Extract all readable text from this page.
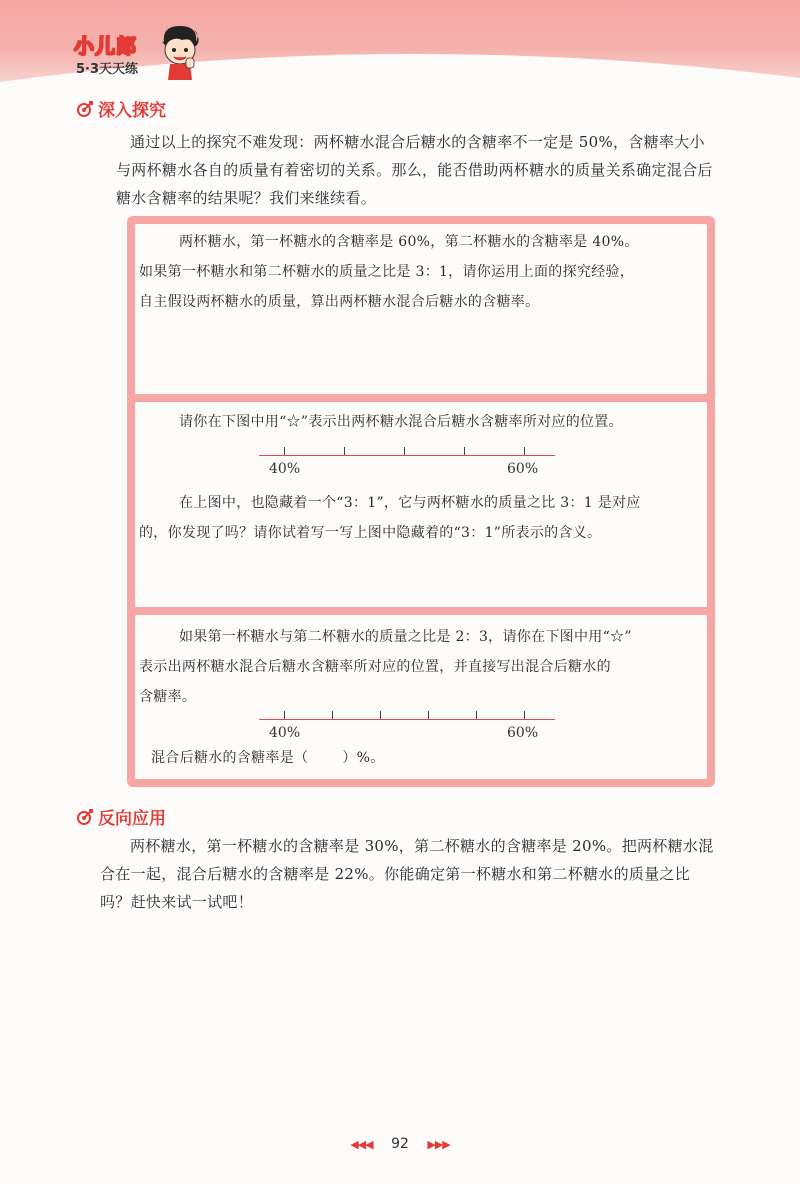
小儿郎
5·3天天练
深入探究

通过以上的探究不难发现：两杯糖水混合后糖水的含糖率不一定是 50%，含糖率大小

与两杯糖水各自的质量有着密切的关系。那么，能否借助两杯糖水的质量关系确定混合后

糖水含糖率的结果呢？我们来继续看。

两杯糖水，第一杯糖水的含糖率是 60%，第二杯糖水的含糖率是 40%。

如果第一杯糖水和第二杯糖水的质量之比是 3：1，请你运用上面的探究经验，

自主假设两杯糖水的质量，算出两杯糖水混合后糖水的含糖率。

请你在下图中用“☆”表示出两杯糖水混合后糖水含糖率所对应的位置。
40%	60%

在上图中，也隐藏着一个“3：1”，它与两杯糖水的质量之比 3：1 是对应

的，你发现了吗？请你试着写一写上图中隐藏着的“3：1”所表示的含义。

如果第一杯糖水与第二杯糖水的质量之比是 2：3，请你在下图中用“☆”

表示出两杯糖水混合后糖水含糖率所对应的位置，并直接写出混合后糖水的

含糖率。

40%	60%
混合后糖水的含糖率是（ ）%。
反向应用

两杯糖水，第一杯糖水的含糖率是 30%，第二杯糖水的含糖率是 20%。把两杯糖水混

合在一起，混合后糖水的含糖率是 22%。你能确定第一杯糖水和第二杯糖水的质量之比

吗？赶快来试一试吧！

◀◀◀ 92 ▶▶▶
